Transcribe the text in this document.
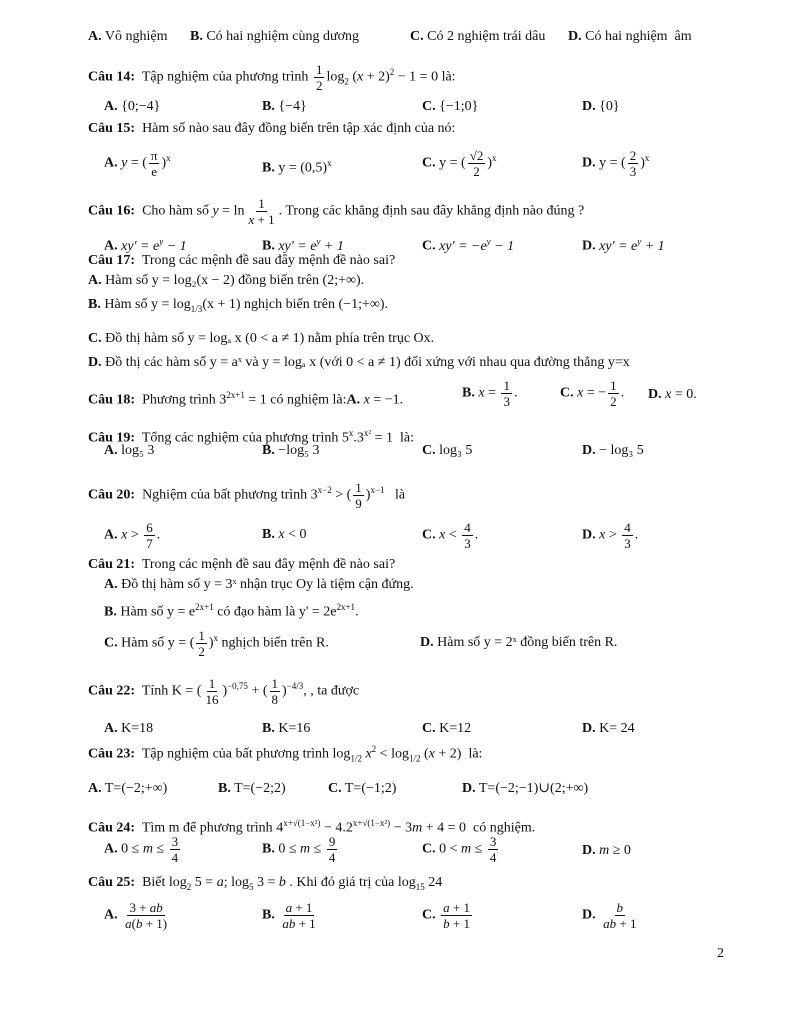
A. Vô nghiệm B. Có hai nghiệm cùng dương	C. Có 2 nghiệm trái dâu D. Có hai nghiệm  âm
Câu 14: Tập nghiệm của phương trình $\frac{1}{2} \log_2 (x + 2)^2 - 1 = 0$ là:
A. {0;−4}	B. {−4}	C. {−1;0}	D. {0}
Câu 15: Hàm số nào sau đây đồng biến trên tập xác định của nó:
A. y = ( $\frac{\pi}{e} )^x$
B. $y = (0,5)^x$	C. y = ( $\frac{√2}{2} )^x$	D. y = ( $\frac{2}{3} )^x$
Câu 16: Cho hàm số $y = \ln \frac{1}{x + 1}$ . Trong các khẳng định sau đây khẳng định nào đúng ?
A. $xy' = e^y - 1$	B. $xy' = e^y + 1$	C. $xy' = -e^y - 1$	D. $xy' = e^y + 1$
Câu 17: Trong các mệnh đề sau đây mệnh đề nào sai?
A. Hàm số y = log₂(x − 2) đồng biến trên (2;+∞).
B. Hàm số $y = \log_{1/3}(x + 1)$ nghịch biến trên (−1;+∞).
C. Đồ thị hàm số y = logₐ x (0 < a ≠ 1) nằm phía trên trục Ox.
D. Đồ thị các hàm số y = aˣ và y = logₐ x (với 0 < a ≠ 1) đối xứng với nhau qua đường thẳng y=x
Câu 18: Phương trình $3^{2x+1} = 1$ có nghiệm là:A. x = −1.	B. $x = \frac{1}{3}$ .	C. x = − $\frac{1}{2}$ . D. x = 0.
Câu 19: Tổng các nghiệm của phương trình $5^x.3^{x^2} = 1$  là:
A. log₅ 3	B. −log₅ 3	C. log₃ 5	D. − log₃ 5
Câu 20: Nghiệm của bất phương trình $3^{x-2}$ > ( $\frac{1}{9} )^{x-1}$ là
A. $x > \frac{6}{7}$ .	B. x < 0	C. $x < \frac{4}{3}$ .	D. $x > \frac{4}{3}$ .
Câu 21: Trong các mệnh đề sau đây mệnh đề nào sai?
A. Đồ thị hàm số y = 3ˣ nhận trục Oy là tiệm cận đứng.
B. Hàm số $y = e^{2x+1}$ có đạo hàm là $y' = 2e^{2x+1}$.
C. Hàm số y = ( $\frac{1}{2} )^x$ nghịch biến trên R.	D. Hàm số y = 2ˣ đồng biến trên R.
Câu 22: Tính K = ( $\frac{1}{16} )^{-0,75}$ + ( $\frac{1}{8} )^{-4/3}$, , ta được
A. K=18	B. K=16	C. K=12	D. K= 24
Câu 23: Tập nghiệm của bất phương trình $\log_{1/2} x^2 < \log_{1/2} (x + 2)$  là:
A. T=(−2;+∞)	B. T=(−2;2)	C. T=(−1;2)	D. T=(−2;−1)∪(2;+∞)
Câu 24: Tìm m để phương trình $4^{x+√(1-x^2)} - 4.2^{x+√(1-x^2)} - 3m + 4 = 0$  có nghiệm.
A. $0 \le m \le \frac{3}{4}$	B. $0 \le m \le \frac{9}{4}$	C. $0 < m \le \frac{3}{4}$	D. m ≥ 0
Câu 25: Biết $\log_2 5 = a$; $\log_5 3 = b$ . Khi đó giá trị của $\log_{15} 24$
A. $\frac{3 + ab}{a(b + 1)}$	B. $\frac{a + 1}{ab + 1}$	C. $\frac{a + 1}{b + 1}$	D. $\frac{b}{ab + 1}$
2
